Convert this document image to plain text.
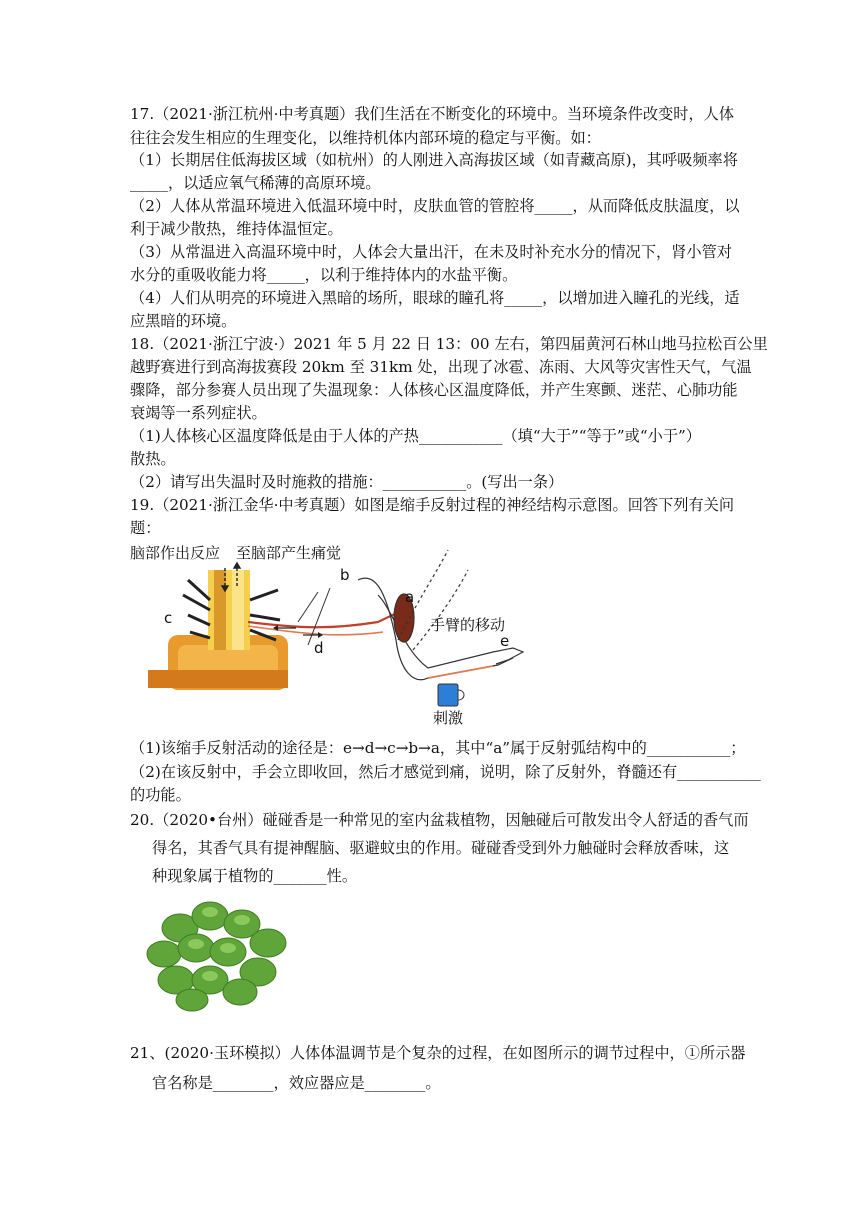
17.（2021·浙江杭州·中考真题）我们生活在不断变化的环境中。当环境条件改变时，人体
往往会发生相应的生理变化，以维持机体内部环境的稳定与平衡。如：
（1）长期居住低海拔区域（如杭州）的人刚进入高海拔区域（如青藏高原)，其呼吸频率将
_____，以适应氧气稀薄的高原环境。
（2）人体从常温环境进入低温环境中时，皮肤血管的管腔将_____，从而降低皮肤温度，以
利于减少散热，维持体温恒定。
（3）从常温进入高温环境中时，人体会大量出汗，在未及时补充水分的情况下，肾小管对
水分的重吸收能力将_____，以利于维持体内的水盐平衡。
（4）人们从明亮的环境进入黑暗的场所，眼球的瞳孔将_____，以增加进入瞳孔的光线，适
应黑暗的环境。
18.（2021·浙江宁波·）2021 年 5 月 22 日 13：00 左右，第四届黄河石林山地马拉松百公里
越野赛进行到高海拔赛段 20km 至 31km 处，出现了冰雹、冻雨、大风等灾害性天气，气温
骤降，部分参赛人员出现了失温现象：人体核心区温度降低，并产生寒颤、迷茫、心肺功能
衰竭等一系列症状。
（1)人体核心区温度降低是由于人体的产热___________（填“大于”“等于”或“小于”）
散热。
（2）请写出失温时及时施救的措施：___________。(写出一条）
19.（2021·浙江金华·中考真题）如图是缩手反射过程的神经结构示意图。回答下列有关问
题：
脑部作出反应 至脑部产生痛觉
a
b
c
d	e
手臂的移动
刺激
（1)该缩手反射活动的途径是：e→d→c→b→a，其中“a”属于反射弧结构中的___________；
（2)在该反射中，手会立即收回，然后才感觉到痛，说明，除了反射外，脊髓还有___________
的功能。
20.（2020•台州）碰碰香是一种常见的室内盆栽植物，因触碰后可散发出令人舒适的香气而
得名，其香气具有提神醒脑、驱避蚊虫的作用。碰碰香受到外力触碰时会释放香味，这
种现象属于植物的_______性。
21、(2020·玉环模拟）人体体温调节是个复杂的过程，在如图所示的调节过程中，①所示器
官名称是________，效应器应是________。
